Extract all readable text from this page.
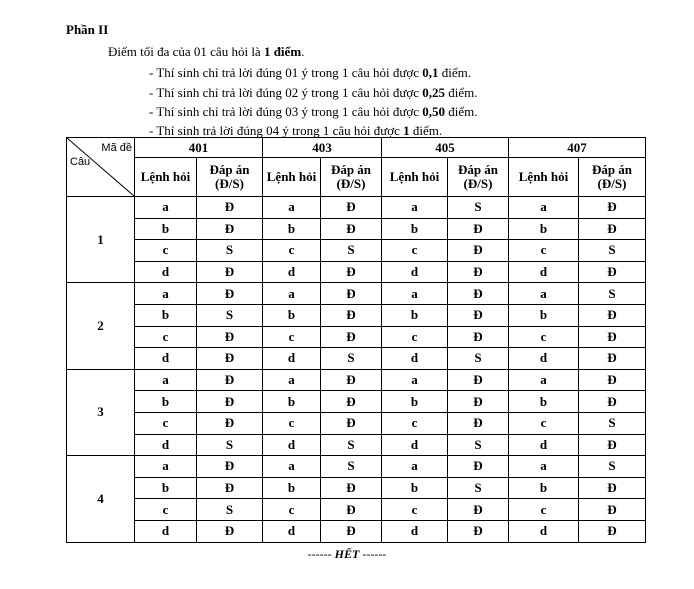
Phần II
Điểm tối đa của 01 câu hỏi là 1 điểm.
- Thí sinh chỉ trả lời đúng 01 ý trong 1 câu hỏi được 0,1 điểm.
- Thí sinh chỉ trả lời đúng 02 ý trong 1 câu hỏi được 0,25 điểm.
- Thí sinh chỉ trả lời đúng 03 ý trong 1 câu hỏi được 0,50 điểm.
- Thí sinh trả lời đúng 04 ý trong 1 câu hỏi được 1 điểm.
Mã đề
Câu	401		403		405		407	
	Lệnh hỏi	Đáp án (Đ/S)	Lệnh hỏi	Đáp án (Đ/S)	Lệnh hỏi	Đáp án (Đ/S)	Lệnh hỏi	Đáp án (Đ/S)
1	a	Đ	a	Đ	a	S	a	Đ
	b	Đ	b	Đ	b	Đ	b	Đ
	c	S	c	S	c	Đ	c	S
	d	Đ	d	Đ	d	Đ	d	Đ
2	a	Đ	a	Đ	a	Đ	a	S
	b	S	b	Đ	b	Đ	b	Đ
	c	Đ	c	Đ	c	Đ	c	Đ
	d	Đ	d	S	d	S	d	Đ
3	a	Đ	a	Đ	a	Đ	a	Đ
	b	Đ	b	Đ	b	Đ	b	Đ
	c	Đ	c	Đ	c	Đ	c	S
	d	S	d	S	d	S	d	Đ
4	a	Đ	a	S	a	Đ	a	S
	b	Đ	b	Đ	b	S	b	Đ
	c	S	c	Đ	c	Đ	c	Đ
	d	Đ	d	Đ	d	Đ	d	Đ
------ HẾT ------
